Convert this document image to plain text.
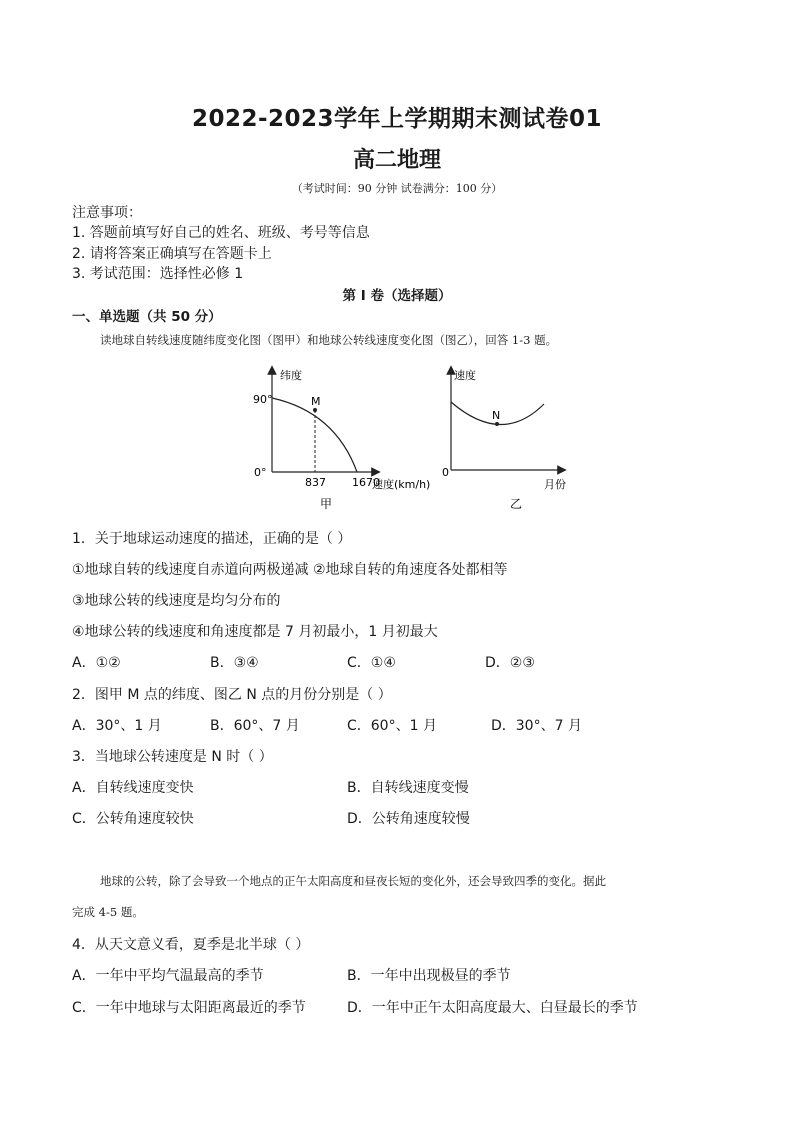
2022-2023学年上学期期末测试卷01
高二地理
（考试时间：90 分钟 试卷满分：100 分）
注意事项：
1. 答题前填写好自己的姓名、班级、考号等信息
2. 请将答案正确填写在答题卡上
3. 考试范围：选择性必修 1
第 I 卷（选择题）
一、单选题（共 50 分）
读地球自转线速度随纬度变化图（图甲）和地球公转线速度变化图（图乙），回答 1-3 题。
纬度
90°	M
0°
837 1670
速度(km/h)
甲
速度
N
0
月份
乙
1．关于地球运动速度的描述，正确的是（ ）
①地球自转的线速度自赤道向两极递减 ②地球自转的角速度各处都相等
③地球公转的线速度是均匀分布的
④地球公转的线速度和角速度都是 7 月初最小，1 月初最大
A．①②	B．③④	C．①④	D．②③
2．图甲 M 点的纬度、图乙 N 点的月份分别是（ ）
A．30°、1 月	B．60°、7 月	C．60°、1 月	D．30°、7 月
3．当地球公转速度是 N 时（ ）
A．自转线速度变快	B．自转线速度变慢
C．公转角速度较快	D．公转角速度较慢
地球的公转，除了会导致一个地点的正午太阳高度和昼夜长短的变化外，还会导致四季的变化。据此
完成 4-5 题。
4．从天文意义看，夏季是北半球（ ）
A．一年中平均气温最高的季节	B．一年中出现极昼的季节
C．一年中地球与太阳距离最近的季节	D．一年中正午太阳高度最大、白昼最长的季节
